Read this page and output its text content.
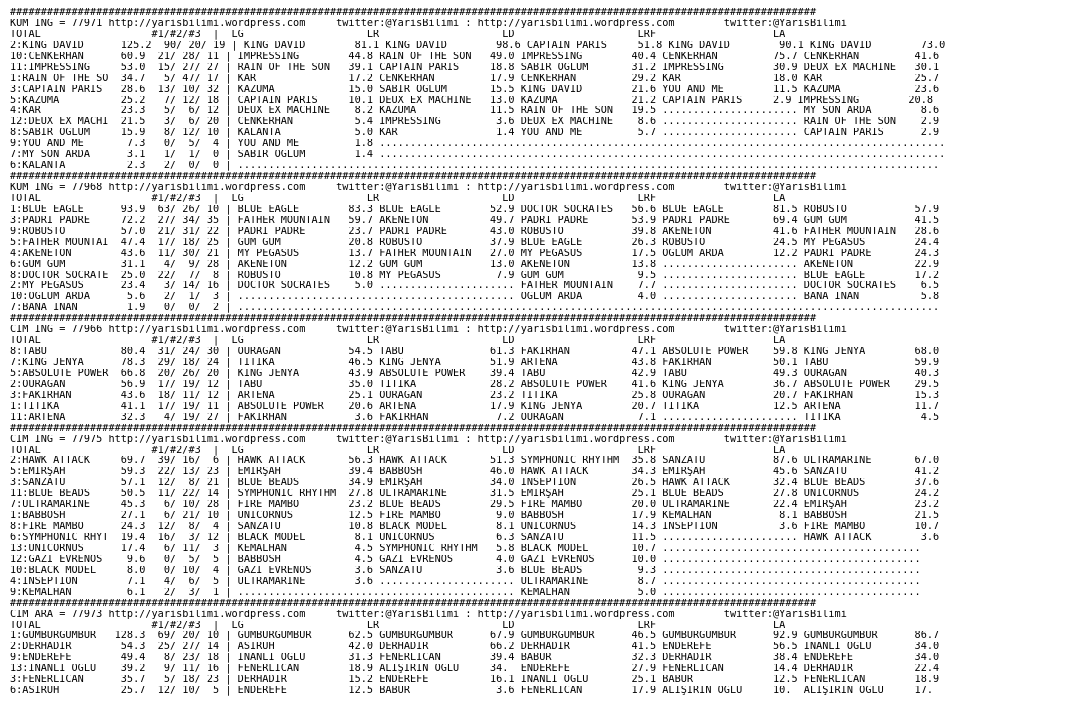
###################################################################################################################################
KUM ING = 77971 http://yarisbilimi.wordpress.com     twitter:@YarisBilimi : http://yarisbilimi.wordpress.com        twitter:@YarisBilimi
TOTAL                  #1/#2/#3  |  LG                    LR                    LD                    LRF                   LA
2:KING DAVID      125.2  90/ 20/ 19 | KING DAVID        81.1 KING DAVID        98.6 CAPTAIN PARIS     51.8 KING DAVID        90.1 KING DAVID        73.0
10:CENKERHAN      60.9  21/ 28/ 11 | IMPRESSING        44.8 RAIN OF THE SON   49.0 IMPRESSING        40.4 CENKERHAN         75.7 CENKERHAN         41.6
11:IMPRESSING     53.0  15/ 27/ 27 | RAIN OF THE SON   39.1 CAPTAIN PARIS     18.8 SABIR OĞLUM       31.2 IMPRESSING        30.9 DEUX EX MACHINE   30.1
1:RAIN OF THE SO  34.7   5/ 47/ 17 | KAR               17.2 CENKERHAN         17.9 CENKERHAN         29.2 KAR               18.0 KAR               25.7
3:CAPTAIN PARIS   28.6  13/ 10/ 32 | KAZUMA            15.0 SABIR OĞLUM       15.5 KING DAVID        21.6 YOU AND ME        11.5 KAZUMA            23.6
5:KAZUMA          25.2   7/ 12/ 18 | CAPTAIN PARIS     10.1 DEUX EX MACHINE   13.0 KAZUMA            21.2 CAPTAIN PARIS     2.9 IMPRESSING        20.8
4:KAR             23.3   5/  6/ 12 | DEUX EX MACHINE    8.2 KAZUMA            11.5 RAIN OF THE SON   19.5 ...................... MY SON ARDA        8.6
12:DEUX EX MACHI  21.5   3/  6/ 20 | CENKERHAN          5.4 IMPRESSING         3.6 DEUX EX MACHINE    8.6 ...................... RAIN OF THE SON    2.9
8:SABIR OĞLUM     15.9   8/ 12/ 10 | KALANTA            5.0 KAR                1.4 YOU AND ME         5.7 ...................... CAPTAIN PARIS      2.9
9:YOU AND ME       7.3   0/  5/  4 | YOU AND ME         1.8 ............................................................................................
7:MY SON ARDA      3.1   1/  1/  0 | SABIR OĞLUM        1.4 ............................................................................................
6:KALANTA          2.3   2/  0/  0 | ..................................................................................................................
###################################################################################################################################
KUM ING = 77968 http://yarisbilimi.wordpress.com     twitter:@YarisBilimi : http://yarisbilimi.wordpress.com        twitter:@YarisBilimi
TOTAL                  #1/#2/#3  |  LG                    LR                    LD                    LRF                   LA
1:BLUE EAGLE      93.9  63/ 26/ 10 | BLUE EAGLE        83.3 BLUE EAGLE        52.9 DOCTOR SOCRATES   56.6 BLUE EAGLE        81.5 ROBUSTO           57.9
3:PADRI PADRE     72.2  27/ 34/ 35 | FATHER MOUNTAIN   59.7 AKENETON          49.7 PADRI PADRE       53.9 PADRI PADRE       69.4 GÜM GÜM           41.5
9:ROBUSTO         57.0  21/ 31/ 22 | PADRI PADRE       23.7 PADRI PADRE       43.0 ROBUSTO           39.8 AKENETON          41.6 FATHER MOUNTAIN   28.6
5:FATHER MOUNTAI  47.4  17/ 18/ 25 | GÜM GÜM           20.8 ROBUSTO           37.9 BLUE EAGLE        26.3 ROBUSTO           24.5 MY PEGASUS        24.4
4:AKENETON        43.6  11/ 30/ 21 | MY PEGASUS        13.7 FATHER MOUNTAIN   27.0 MY PEGASUS        17.5 OĞLUM ARDA        12.2 PADRI PADRE       24.3
6:GÜM GÜM         31.1   4/  9/ 28 | AKENETON          12.2 GÜM GÜM           13.0 AKENETON          13.8 ...................... AKENETON          22.9
8:DOCTOR SOCRATE  25.0  22/  7/  8 | ROBUSTO           10.8 MY PEGASUS         7.9 GÜM GÜM            9.5 ...................... BLUE EAGLE        17.2
2:MY PEGASUS      23.4   3/ 14/ 16 | DOCTOR SOCRATES    5.0 ...................... FATHER MOUNTAIN    7.7 ...................... DOCTOR SOCRATES    6.5
10:OĞLUM ARDA      5.6   2/  1/  3 | ............................................. OĞLUM ARDA         4.0 ...................... BANA İNAN          5.8
7:BANA İNAN        1.9   0/  0/  2 | ..................................................................................................................
###################################################################################################################################
CIM ING = 77966 http://yarisbilimi.wordpress.com     twitter:@YarisBilimi : http://yarisbilimi.wordpress.com        twitter:@YarisBilimi
TOTAL                  #1/#2/#3  |  LG                    LR                    LD                    LRF                   LA
8:TABU            80.4  31/ 24/ 30 | OURAGAN           54.5 TABU              61.3 FAKİRHAN          47.1 ABSOLUTE POWER    59.8 KING JENYA        68.0
7:KING JENYA      78.3  29/ 18/ 24 | TİTİKA            46.5 KING JENYA        51.9 ARTENA            43.8 FAKİRHAN          50.1 TABU              59.9
5:ABSOLUTE POWER  66.8  20/ 26/ 20 | KING JENYA        43.9 ABSOLUTE POWER    39.4 TABU              42.9 TABU              49.3 OURAGAN           40.3
2:OURAGAN         56.9  17/ 19/ 12 | TABU              35.0 TİTİKA            28.2 ABSOLUTE POWER    41.6 KING JENYA        36.7 ABSOLUTE POWER    29.5
3:FAKİRHAN        43.6  18/ 11/ 12 | ARTENA            25.1 OURAGAN           23.2 TİTİKA            25.8 OURAGAN           20.7 FAKİRHAN          15.3
1:TİTİKA          41.1  17/ 19/ 11 | ABSOLUTE POWER    20.6 ARTENA            17.9 KING JENYA        20.7 TİTİKA            12.5 ARTENA            11.7
11:ARTENA         32.3   4/ 19/ 27 | FAKİRHAN           3.6 FAKİRHAN           7.2 OURAGAN            7.1 ...................... TİTİKA             4.5
###################################################################################################################################
CIM ING = 77975 http://yarisbilimi.wordpress.com     twitter:@YarisBilimi : http://yarisbilimi.wordpress.com        twitter:@YarisBilimi
TOTAL                  #1/#2/#3  |  LG                    LR                    LD                    LRF                   LA
2:HAWK ATTACK     69.7  39/ 16/  6 | HAWK ATTACK       56.3 HAWK ATTACK       51.3 SYMPHONIC RHYTHM  35.8 SANZATU           87.6 ULTRAMARINE       67.0
5:EMİRŞAH         59.3  22/ 13/ 23 | EMİRŞAH           39.4 BABBOSH           46.0 HAWK ATTACK       34.3 EMİRŞAH           45.6 SANZATU           41.2
3:SANZATU         57.1  12/  8/ 21 | BLUE BEADS        34.9 EMİRŞAH           34.0 INSEPTION         26.5 HAWK ATTACK       32.4 BLUE BEADS        37.6
11:BLUE BEADS     50.5  11/ 22/ 14 | SYMPHONIC RHYTHM  27.8 ULTRAMARINE       31.5 EMİRŞAH           25.1 BLUE BEADS        27.8 UNICORNUS         24.2
7:ULTRAMARINE     45.3   6/ 10/ 28 | FIRE MAMBO        23.2 BLUE BEADS        29.5 FIRE MAMBO        20.0 ULTRAMARINE       22.4 EMİRŞAH           23.2
1:BABBOSH         27.1   6/ 21/ 10 | UNICORNUS         12.5 FIRE MAMBO         9.0 BABBOSH           17.9 KEMALHAN           8.1 BABBOSH           21.5
8:FIRE MAMBO      24.3  12/  8/  4 | SANZATU           10.8 BLACK MODEL        8.1 UNICORNUS         14.3 INSEPTION          3.6 FIRE MAMBO        10.7
6:SYMPHONIC RHYT  19.4  16/  3/ 12 | BLACK MODEL        8.1 UNICORNUS          6.3 SANZATU           11.5 ...................... HAWK ATTACK        3.6
13:UNICORNUS      17.4   6/ 11/  3 | KEMALHAN           4.5 SYMPHONIC RHYTHM   5.8 BLACK MODEL       10.7 ..........................................
12:GAZİ EVRENOS    9.6   0/  5/  5 | BABBOSH            4.5 GAZİ EVRENOS       4.0 GAZİ EVRENOS      10.0 ..........................................
10:BLACK MODEL     8.0   0/ 10/  4 | GAZİ EVRENOS       3.6 SANZATU            3.6 BLUE BEADS         9.3 ..........................................
4:INSEPTION        7.1   4/  6/  5 | ULTRAMARINE        3.6 ...................... ULTRAMARINE        8.7 ..........................................
9:KEMALHAN         6.1   2/  3/  1 | ............................................. KEMALHAN           5.0 ..........................................
###################################################################################################################################
CIM ARA = 77973 http://yarisbilimi.wordpress.com     twitter:@YarisBilimi : http://yarisbilimi.wordpress.com        twitter:@YarisBilimi
TOTAL                  #1/#2/#3  |  LG                    LR                    LD                    LRF                   LA
1:GÜMBÜRGÜMBÜR   128.3  69/ 20/ 10 | GÜMBÜRGÜMBÜR      62.5 GÜMBÜRGÜMBÜR      67.9 GÜMBÜRGÜMBÜR      46.5 GÜMBÜRGÜMBÜR      92.9 GÜMBÜRGÜMBÜR      86.7
2:DERHADIR        54.3  25/ 27/ 14 | ASIRUH            42.0 DERHADIR          66.2 DERHADIR          41.5 ENDEREFE          56.5 İNANLI OĞLU       34.0
9:ENDEREFE        49.4   8/ 23/ 18 | İNANLI OĞLU       31.3 FENERLİCAN        39.4 BABÜR             32.3 DERHADIR          38.4 ENDEREFE          34.0
13:İNANLI OĞLU    39.2   9/ 11/ 16 | FENERLİCAN        18.9 ALIŞIRIN OĞLU     34.  ENDEREFE          27.9 FENERLİCAN        14.4 DERHADIR          22.4
3:FENERLİCAN      35.7   5/ 18/ 23 | DERHADIR          15.2 ENDEREFE          16.1 İNANLI OĞLU       25.1 BABÜR             12.5 FENERLİCAN        18.9
6:ASIRUH          25.7  12/ 10/  5 | ENDEREFE          12.5 BABÜR              3.6 FENERLİCAN        17.9 ALIŞIRIN OĞLU     10.  ALIŞIRIN OĞLU     17.
